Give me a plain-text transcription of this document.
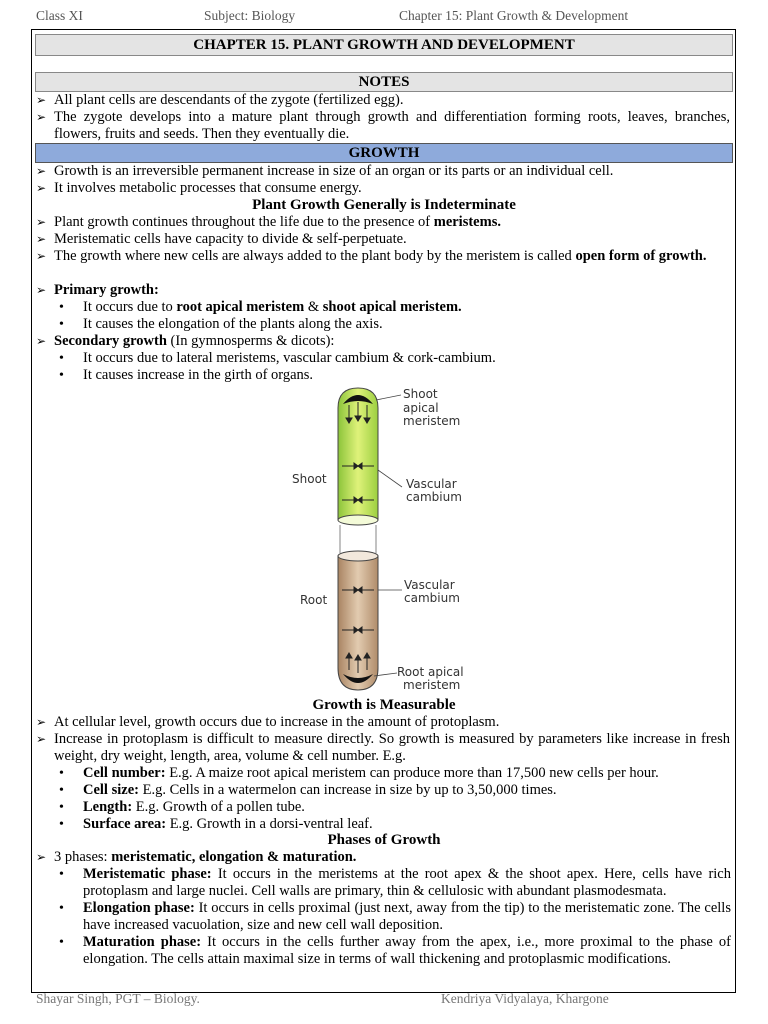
Class XI	Subject: Biology	Chapter 15: Plant Growth & Development
CHAPTER 15. PLANT GROWTH AND DEVELOPMENT
NOTES
➢ All plant cells are descendants of the zygote (fertilized egg).
➢ The zygote develops into a mature plant through growth and differentiation forming roots, leaves, branches, flowers, fruits and seeds. Then they eventually die.
GROWTH
➢ Growth is an irreversible permanent increase in size of an organ or its parts or an individual cell.
➢ It involves metabolic processes that consume energy.
Plant Growth Generally is Indeterminate
➢ Plant growth continues throughout the life due to the presence of meristems.
➢ Meristematic cells have capacity to divide & self-perpetuate.
➢ The growth where new cells are always added to the plant body by the meristem is called open form of growth.
➢ Primary growth:
• It occurs due to root apical meristem & shoot apical meristem.
• It causes the elongation of the plants along the axis.
➢ Secondary growth (In gymnosperms & dicots):
• It occurs due to lateral meristems, vascular cambium & cork-cambium.
• It causes increase in the girth of organs.
Shoot
apical
meristem
Shoot	Vascular
cambium
Root
Vascular
cambium
Root apical
meristem
Growth is Measurable
➢ At cellular level, growth occurs due to increase in the amount of protoplasm.
➢ Increase in protoplasm is difficult to measure directly. So growth is measured by parameters like increase in fresh weight, dry weight, length, area, volume & cell number. E.g.
• Cell number: E.g. A maize root apical meristem can produce more than 17,500 new cells per hour.
• Cell size: E.g. Cells in a watermelon can increase in size by up to 3,50,000 times.
• Length: E.g. Growth of a pollen tube.
• Surface area: E.g. Growth in a dorsi-ventral leaf.
Phases of Growth
➢ 3 phases: meristematic, elongation & maturation.
• Meristematic phase: It occurs in the meristems at the root apex & the shoot apex. Here, cells have rich protoplasm and large nuclei. Cell walls are primary, thin & cellulosic with abundant plasmodesmata.
• Elongation phase: It occurs in cells proximal (just next, away from the tip) to the meristematic zone. The cells have increased vacuolation, size and new cell wall deposition.
• Maturation phase: It occurs in the cells further away from the apex, i.e., more proximal to the phase of elongation. The cells attain maximal size in terms of wall thickening and protoplasmic modifications.
Shayar Singh, PGT – Biology.	Kendriya Vidyalaya, Khargone
